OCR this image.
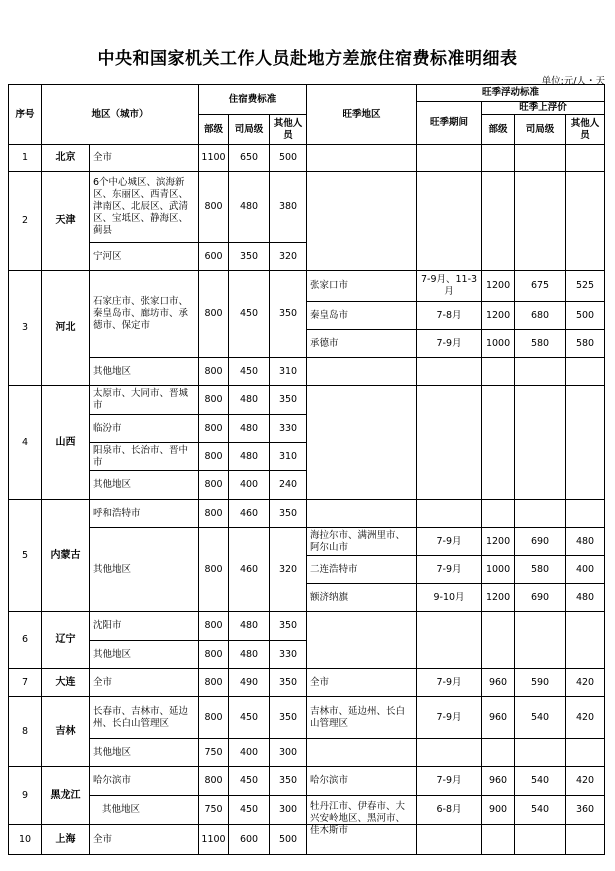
中央和国家机关工作人员赴地方差旅住宿费标准明细表
单位:元/人・天
序号	地区（城市）		住宿费标准			旺季地区	旺季浮动标准			
							旺季期间	旺季上浮价		
			部级	司局级	其他人员			部级	司局级	其他人员
1	北京	全市	1100	650	500					
2	天津	6个中心城区、滨海新区、东丽区、西青区、津南区、北辰区、武清区、宝坻区、静海区、蓟县	800	480	380					
		宁河区	600	350	320					
3	河北	石家庄市、张家口市、秦皇岛市、廊坊市、承德市、保定市	800	450	350	张家口市	7-9月、11-3月	1200	675	525
						秦皇岛市	7-8月	1200	680	500
						承德市	7-9月	1000	580	580
		其他地区	800	450	310					
4	山西	太原市、大同市、晋城市	800	480	350					
		临汾市	800	480	330					
		阳泉市、长治市、晋中市	800	480	310					
		其他地区	800	400	240					
5	内蒙古	呼和浩特市	800	460	350					
		其他地区	800	460	320	海拉尔市、满洲里市、阿尔山市	7-9月	1200	690	480
						二连浩特市	7-9月	1000	580	400
						额济纳旗	9-10月	1200	690	480
6	辽宁	沈阳市	800	480	350					
		其他地区	800	480	330					
7	大连	全市	800	490	350	全市	7-9月	960	590	420
8	吉林	长春市、吉林市、延边州、长白山管理区	800	450	350	吉林市、延边州、长白山管理区	7-9月	960	540	420
		其他地区	750	400	300					
9	黑龙江	哈尔滨市	800	450	350	哈尔滨市	7-9月	960	540	420
		其他地区	750	450	300	牡丹江市、伊春市、大兴安岭地区、黑河市、佳木斯市	6-8月	900	540	360
10	上海	全市	1100	600	500					
